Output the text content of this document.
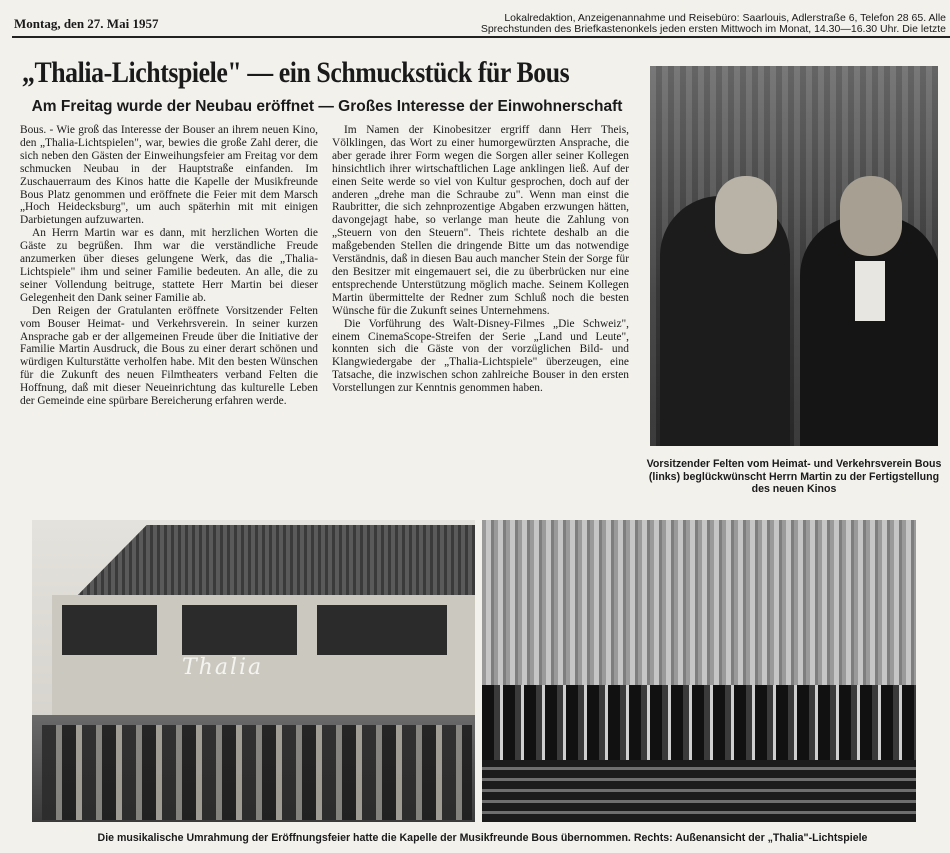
Montag, den 27. Mai 1957	Lokalredaktion, Anzeigenannahme und Reisebüro: Saarlouis, Adlerstraße 6, Telefon 28 65. Alle
Sprechstunden des Briefkastenonkels jeden ersten Mittwoch im Monat, 14.30—16.30 Uhr. Die letzte
„Thalia-Lichtspiele" — ein Schmuckstück für Bous
Am Freitag wurde der Neubau eröffnet — Großes Interesse der Einwohnerschaft

Bous. - Wie groß das Interesse der Bouser an ihrem neuen Kino, den „Thalia-Lichtspielen", war, bewies die große Zahl derer, die sich neben den Gästen der Einweihungsfeier am Freitag vor dem schmucken Neubau in der Hauptstraße einfanden. Im Zuschauerraum des Kinos hatte die Kapelle der Musikfreunde Bous Platz genommen und eröffnete die Feier mit dem Marsch „Hoch Heidecksburg", um auch späterhin mit mit einigen Darbietungen aufzuwarten.

An Herrn Martin war es dann, mit herzlichen Worten die Gäste zu begrüßen. Ihm war die verständliche Freude anzumerken über dieses gelungene Werk, das die „Thalia-Lichtspiele" ihm und seiner Familie bedeuten. An alle, die zu seiner Vollendung beitruge, stattete Herr Martin bei dieser Gelegenheit den Dank seiner Familie ab.

Den Reigen der Gratulanten eröffnete Vorsitzender Felten vom Bouser Heimat- und Verkehrsverein. In seiner kurzen Ansprache gab er der allgemeinen Freude über die Initiative der Familie Martin Ausdruck, die Bous zu einer derart schönen und würdigen Kulturstätte verholfen habe. Mit den besten Wünschen für die Zukunft des neuen Filmtheaters verband Felten die Hoffnung, daß mit dieser Neueinrichtung das kulturelle Leben der Gemeinde eine spürbare Bereicherung erfahren werde.

Im Namen der Kinobesitzer ergriff dann Herr Theis, Völklingen, das Wort zu einer humorgewürzten Ansprache, die aber gerade ihrer Form wegen die Sorgen aller seiner Kollegen hinsichtlich ihrer wirtschaftlichen Lage anklingen ließ. Auf der einen Seite werde so viel von Kultur gesprochen, doch auf der anderen „drehe man die Schraube zu". Wenn man einst die Raubritter, die sich zehnprozentige Abgaben erzwungen hätten, davongejagt habe, so verlange man heute die Zahlung von „Steuern von den Steuern". Theis richtete deshalb an die maßgebenden Stellen die dringende Bitte um das notwendige Verständnis, daß in diesen Bau auch mancher Stein der Sorge für den Besitzer mit eingemauert sei, die zu überbrücken nur eine entsprechende Unterstützung möglich mache. Seinem Kollegen Martin übermittelte der Redner zum Schluß noch die besten Wünsche für die Zukunft seines Unternehmens.

Die Vorführung des Walt-Disney-Filmes „Die Schweiz", einem CinemaScope-Streifen der Serie „Land und Leute", konnten sich die Gäste von der vorzüglichen Bild- und Klangwiedergabe der „Thalia-Lichtspiele" überzeugen, eine Tatsache, die inzwischen schon zahlreiche Bouser in den ersten Vorstellungen zur Kenntnis genommen haben.

Vorsitzender Felten vom Heimat- und Verkehrsverein Bous (links) beglückwünscht Herrn Martin zu der Fertigstellung des neuen Kinos
Thalia
Die musikalische Umrahmung der Eröffnungsfeier hatte die Kapelle der Musikfreunde Bous übernommen. Rechts: Außenansicht der „Thalia"-Lichtspiele
